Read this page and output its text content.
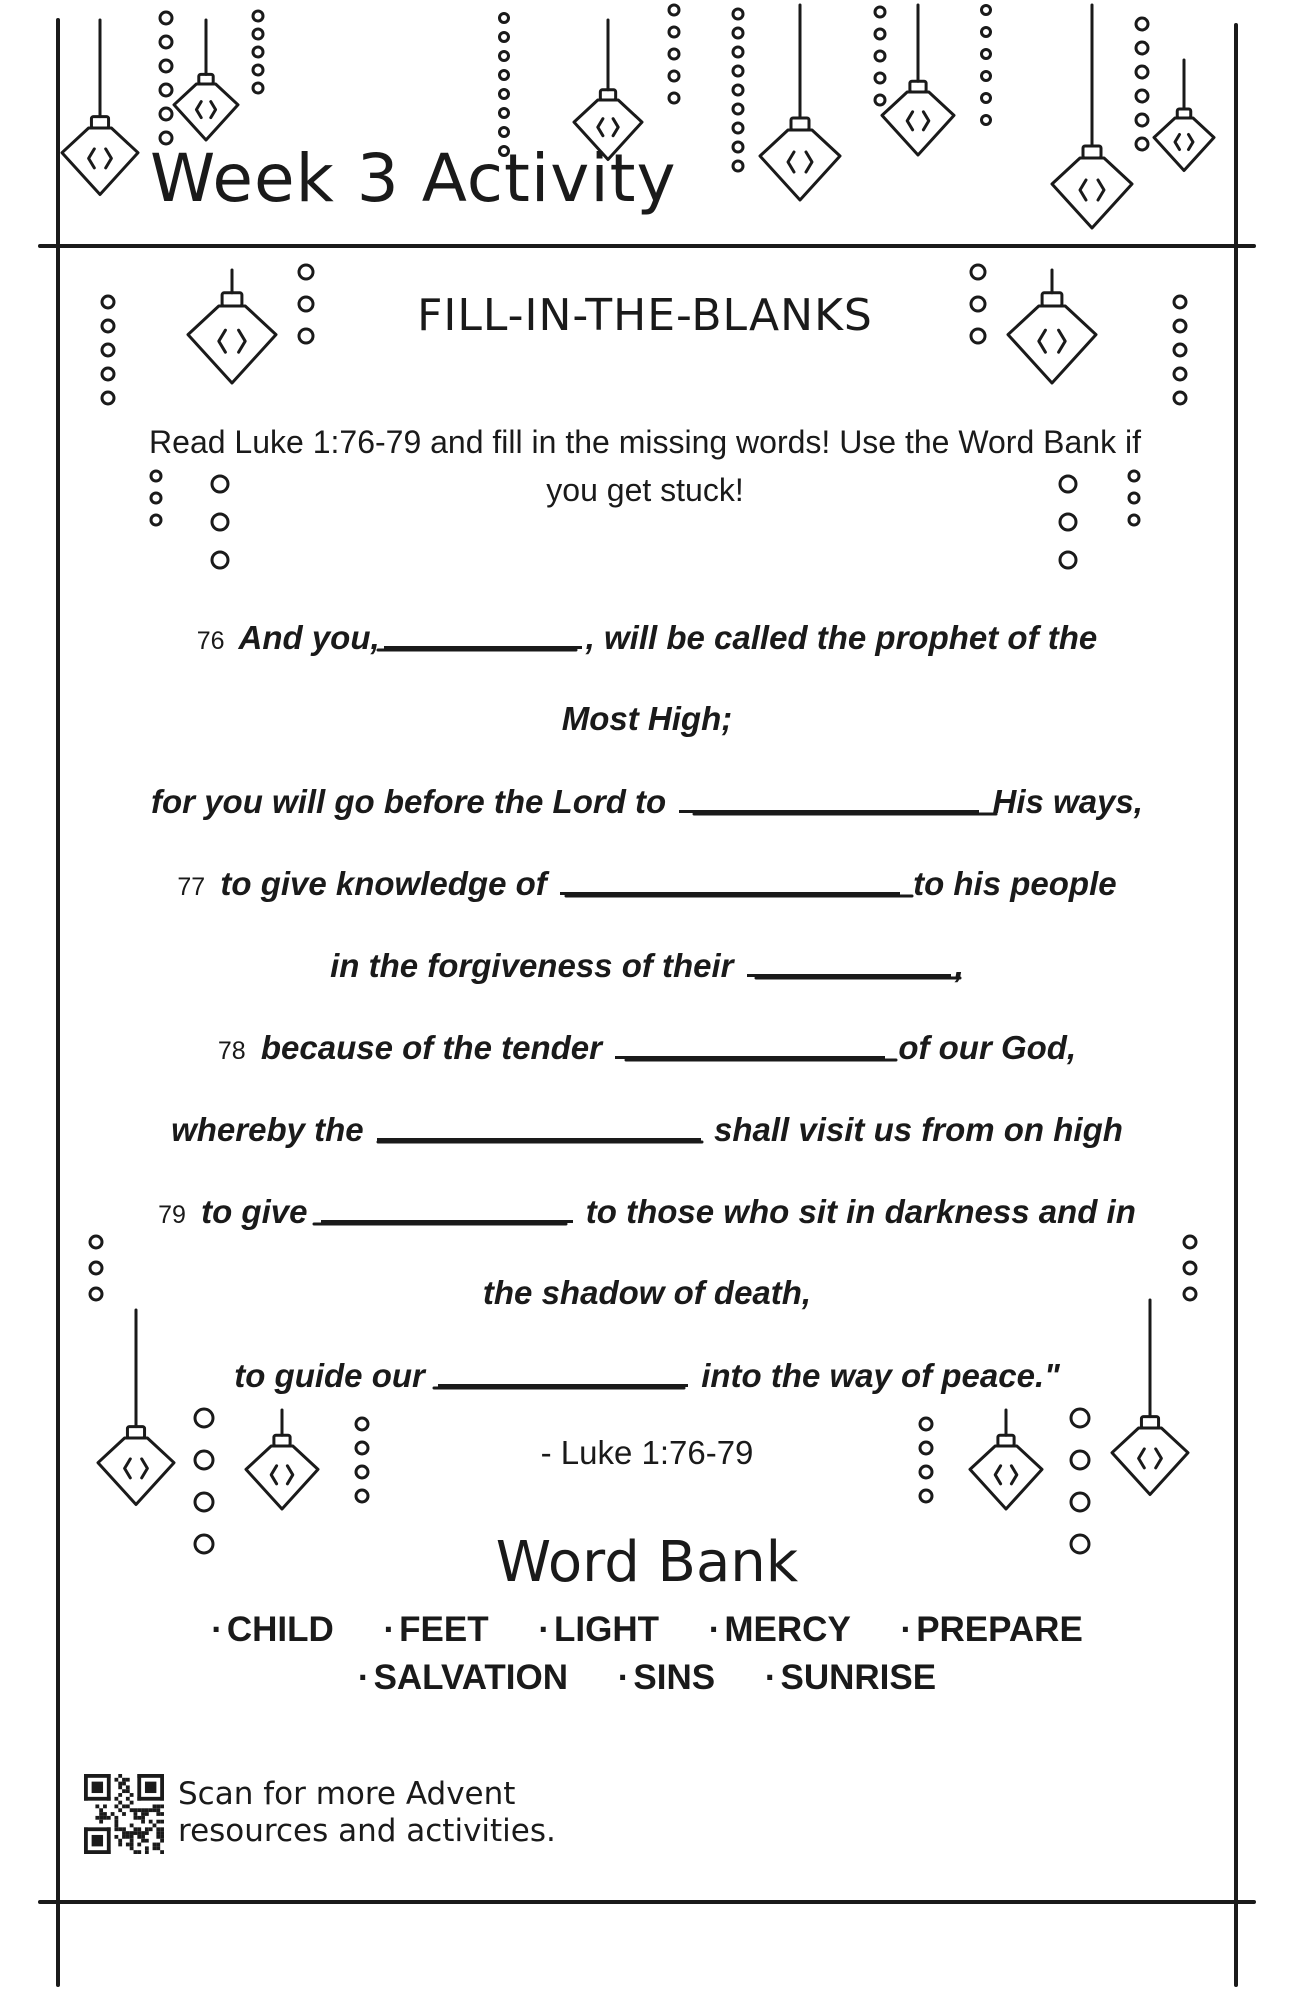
Week 3 Activity
FILL-IN-THE-BLANKS
Read Luke 1:76-79 and fill in the missing words! Use the Word Bank if you get stuck!
76 And you,	, will be called the prophet of the
Most High;
for you will go before the Lord to	His ways,
77 to give knowledge of	to his people
in the forgiveness of their	,
78 because of the tender	of our God,
whereby the	shall visit us from on high
79 to give	to those who sit in darkness and in
the shadow of death,
to guide our	into the way of peace."
- Luke 1:76-79
Word Bank
· CHILD · FEET · LIGHT · MERCY · PREPARE
· SALVATION · SINS · SUNRISE
Scan for more Advent
resources and activities.
